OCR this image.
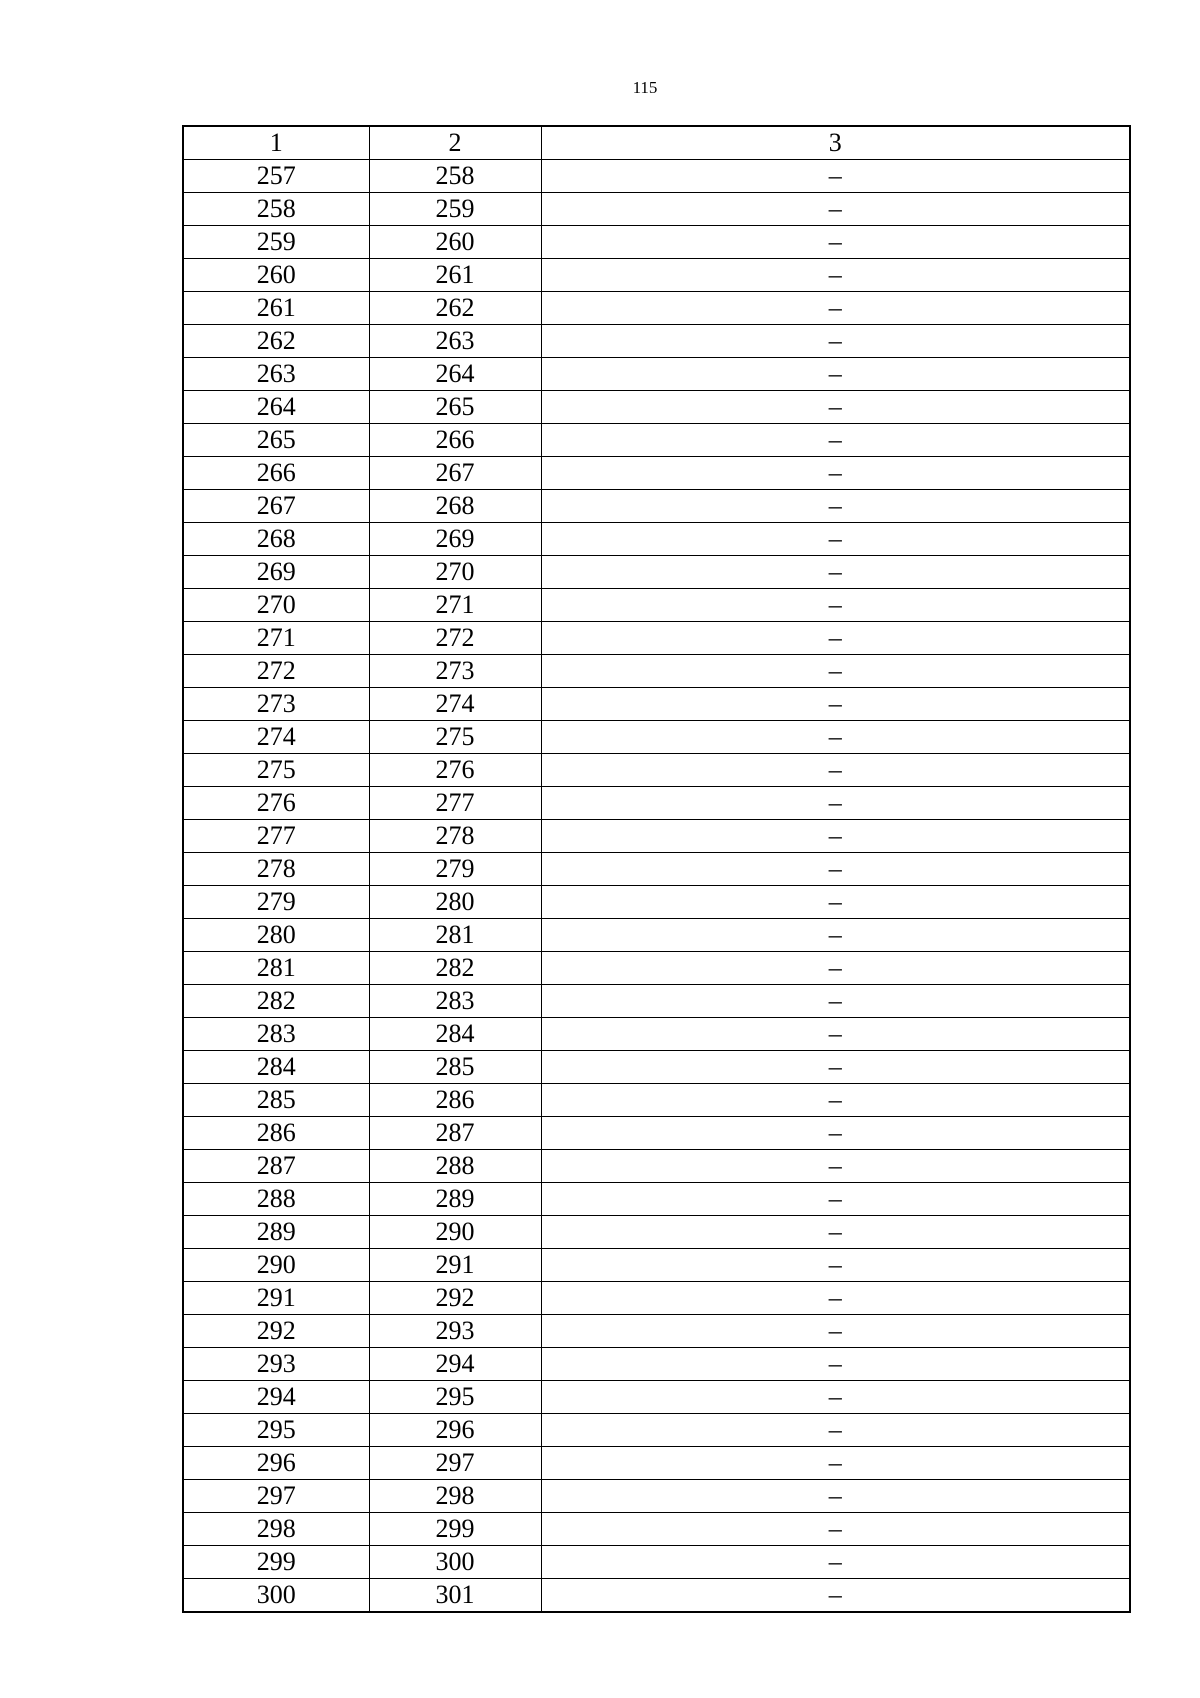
115
1	2	3
257	258	–
258	259	–
259	260	–
260	261	–
261	262	–
262	263	–
263	264	–
264	265	–
265	266	–
266	267	–
267	268	–
268	269	–
269	270	–
270	271	–
271	272	–
272	273	–
273	274	–
274	275	–
275	276	–
276	277	–
277	278	–
278	279	–
279	280	–
280	281	–
281	282	–
282	283	–
283	284	–
284	285	–
285	286	–
286	287	–
287	288	–
288	289	–
289	290	–
290	291	–
291	292	–
292	293	–
293	294	–
294	295	–
295	296	–
296	297	–
297	298	–
298	299	–
299	300	–
300	301	–
